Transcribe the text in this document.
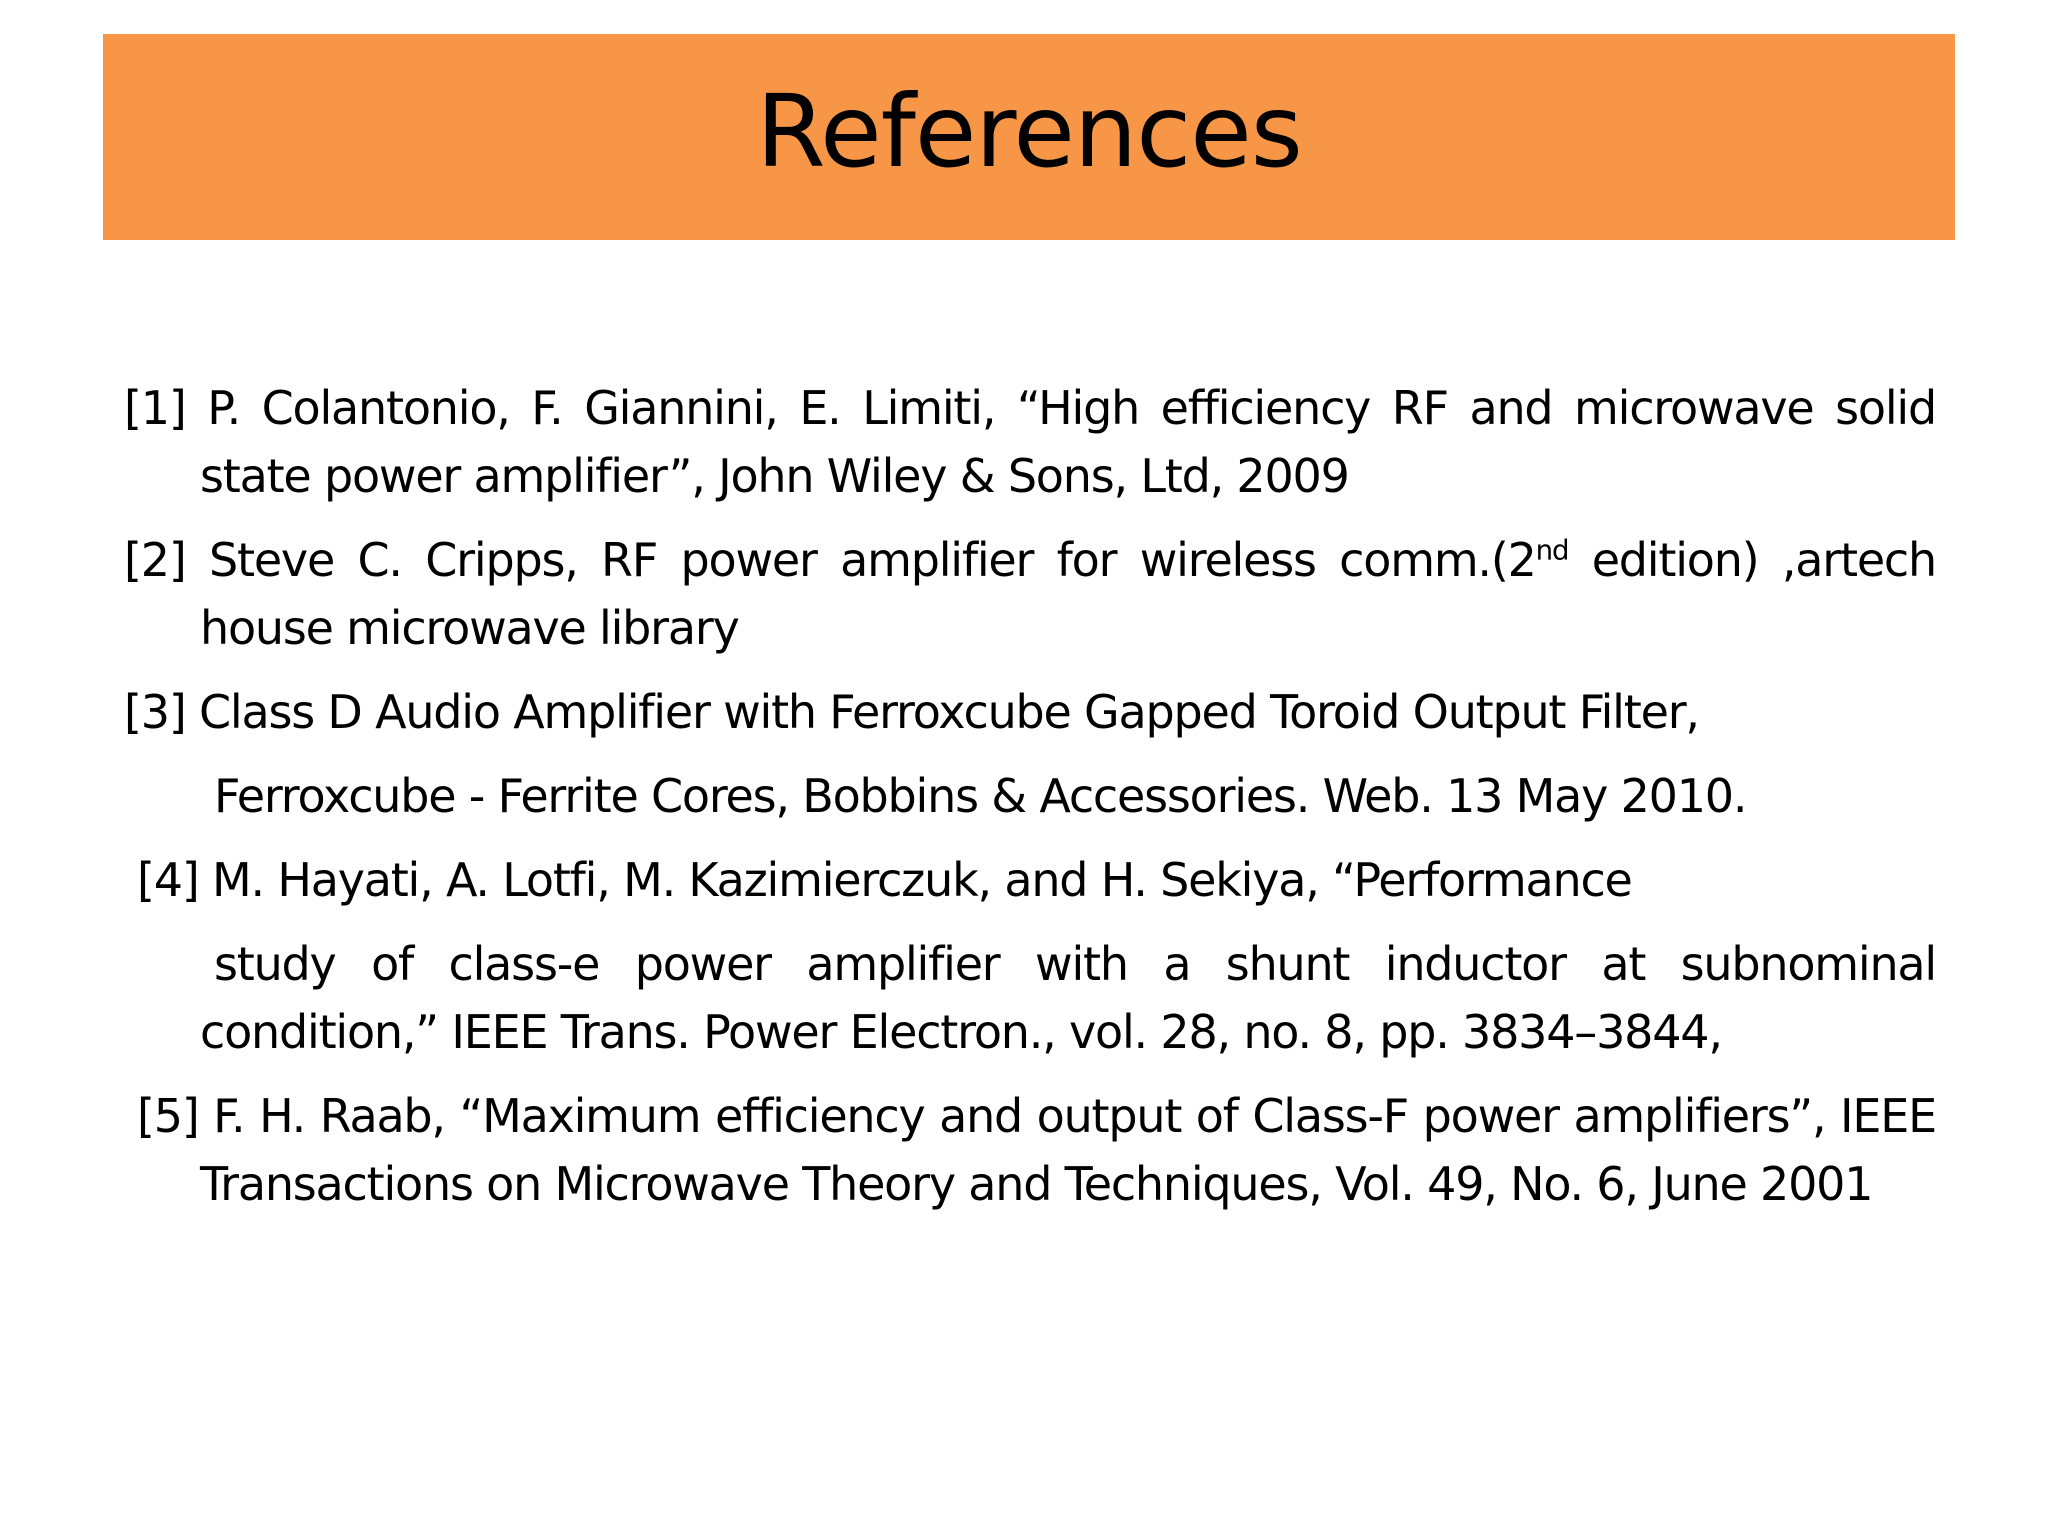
References

[1] P. Colantonio, F. Giannini, E. Limiti, “High efficiency RF and microwave solid state power amplifier”, John Wiley & Sons, Ltd, 2009

[2] Steve C. Cripps, RF power amplifier for wireless comm.(2nd edition) ,artech house microwave library

[3] Class D Audio Amplifier with Ferroxcube Gapped Toroid Output Filter,

Ferroxcube - Ferrite Cores, Bobbins & Accessories. Web. 13 May 2010.

[4] M. Hayati, A. Lotfi, M. Kazimierczuk, and H. Sekiya, “Performance

study of class-e power amplifier with a shunt inductor at subnominal condition,” IEEE Trans. Power Electron., vol. 28, no. 8, pp. 3834–3844,

[5] F. H. Raab, “Maximum efficiency and output of Class-F power amplifiers”, IEEE Transactions on Microwave Theory and Techniques, Vol. 49, No. 6, June 2001
